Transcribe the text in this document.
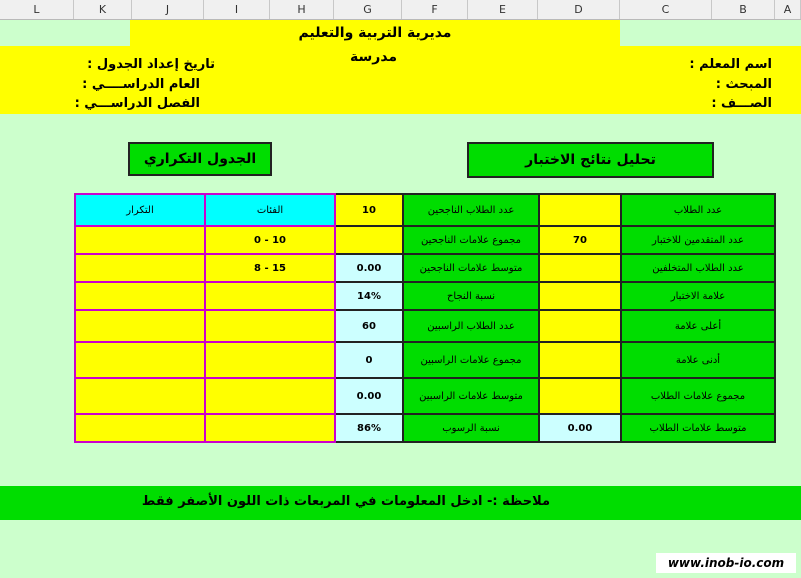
L	K	J	I	H	G	F	E	D	C	B	A
مديرية التربية والتعليم
مدرسة	اسم المعلم :
المبحث :
الصـــف :
تاريخ إعداد الجدول :
العام الدراســــي :
الفصل الدراســـي :
الجدول التكراري	تحليل نتائج الاختبار
التكرار	الفئات	10	عدد الطلاب الناجحين		عدد الطلاب
	0 - 10		مجموع علامات الناجحين	70	عدد المتقدمين للاختبار
	8 - 15	0.00	متوسط علامات الناجحين		عدد الطلاب المتخلفين
		14%	نسبة النجاح		علامة الاختبار
		60	عدد الطلاب الراسبين		أعلى علامة
		0	مجموع علامات الراسبين		أدنى علامة
		0.00	متوسط علامات الراسبين		مجموع علامات الطلاب
		86%	نسبة الرسوب	0.00	متوسط علامات الطلاب
ملاحظة :- ادخل المعلومات في المربعات ذات اللون الأصفر فقط
www.inob-io.com
